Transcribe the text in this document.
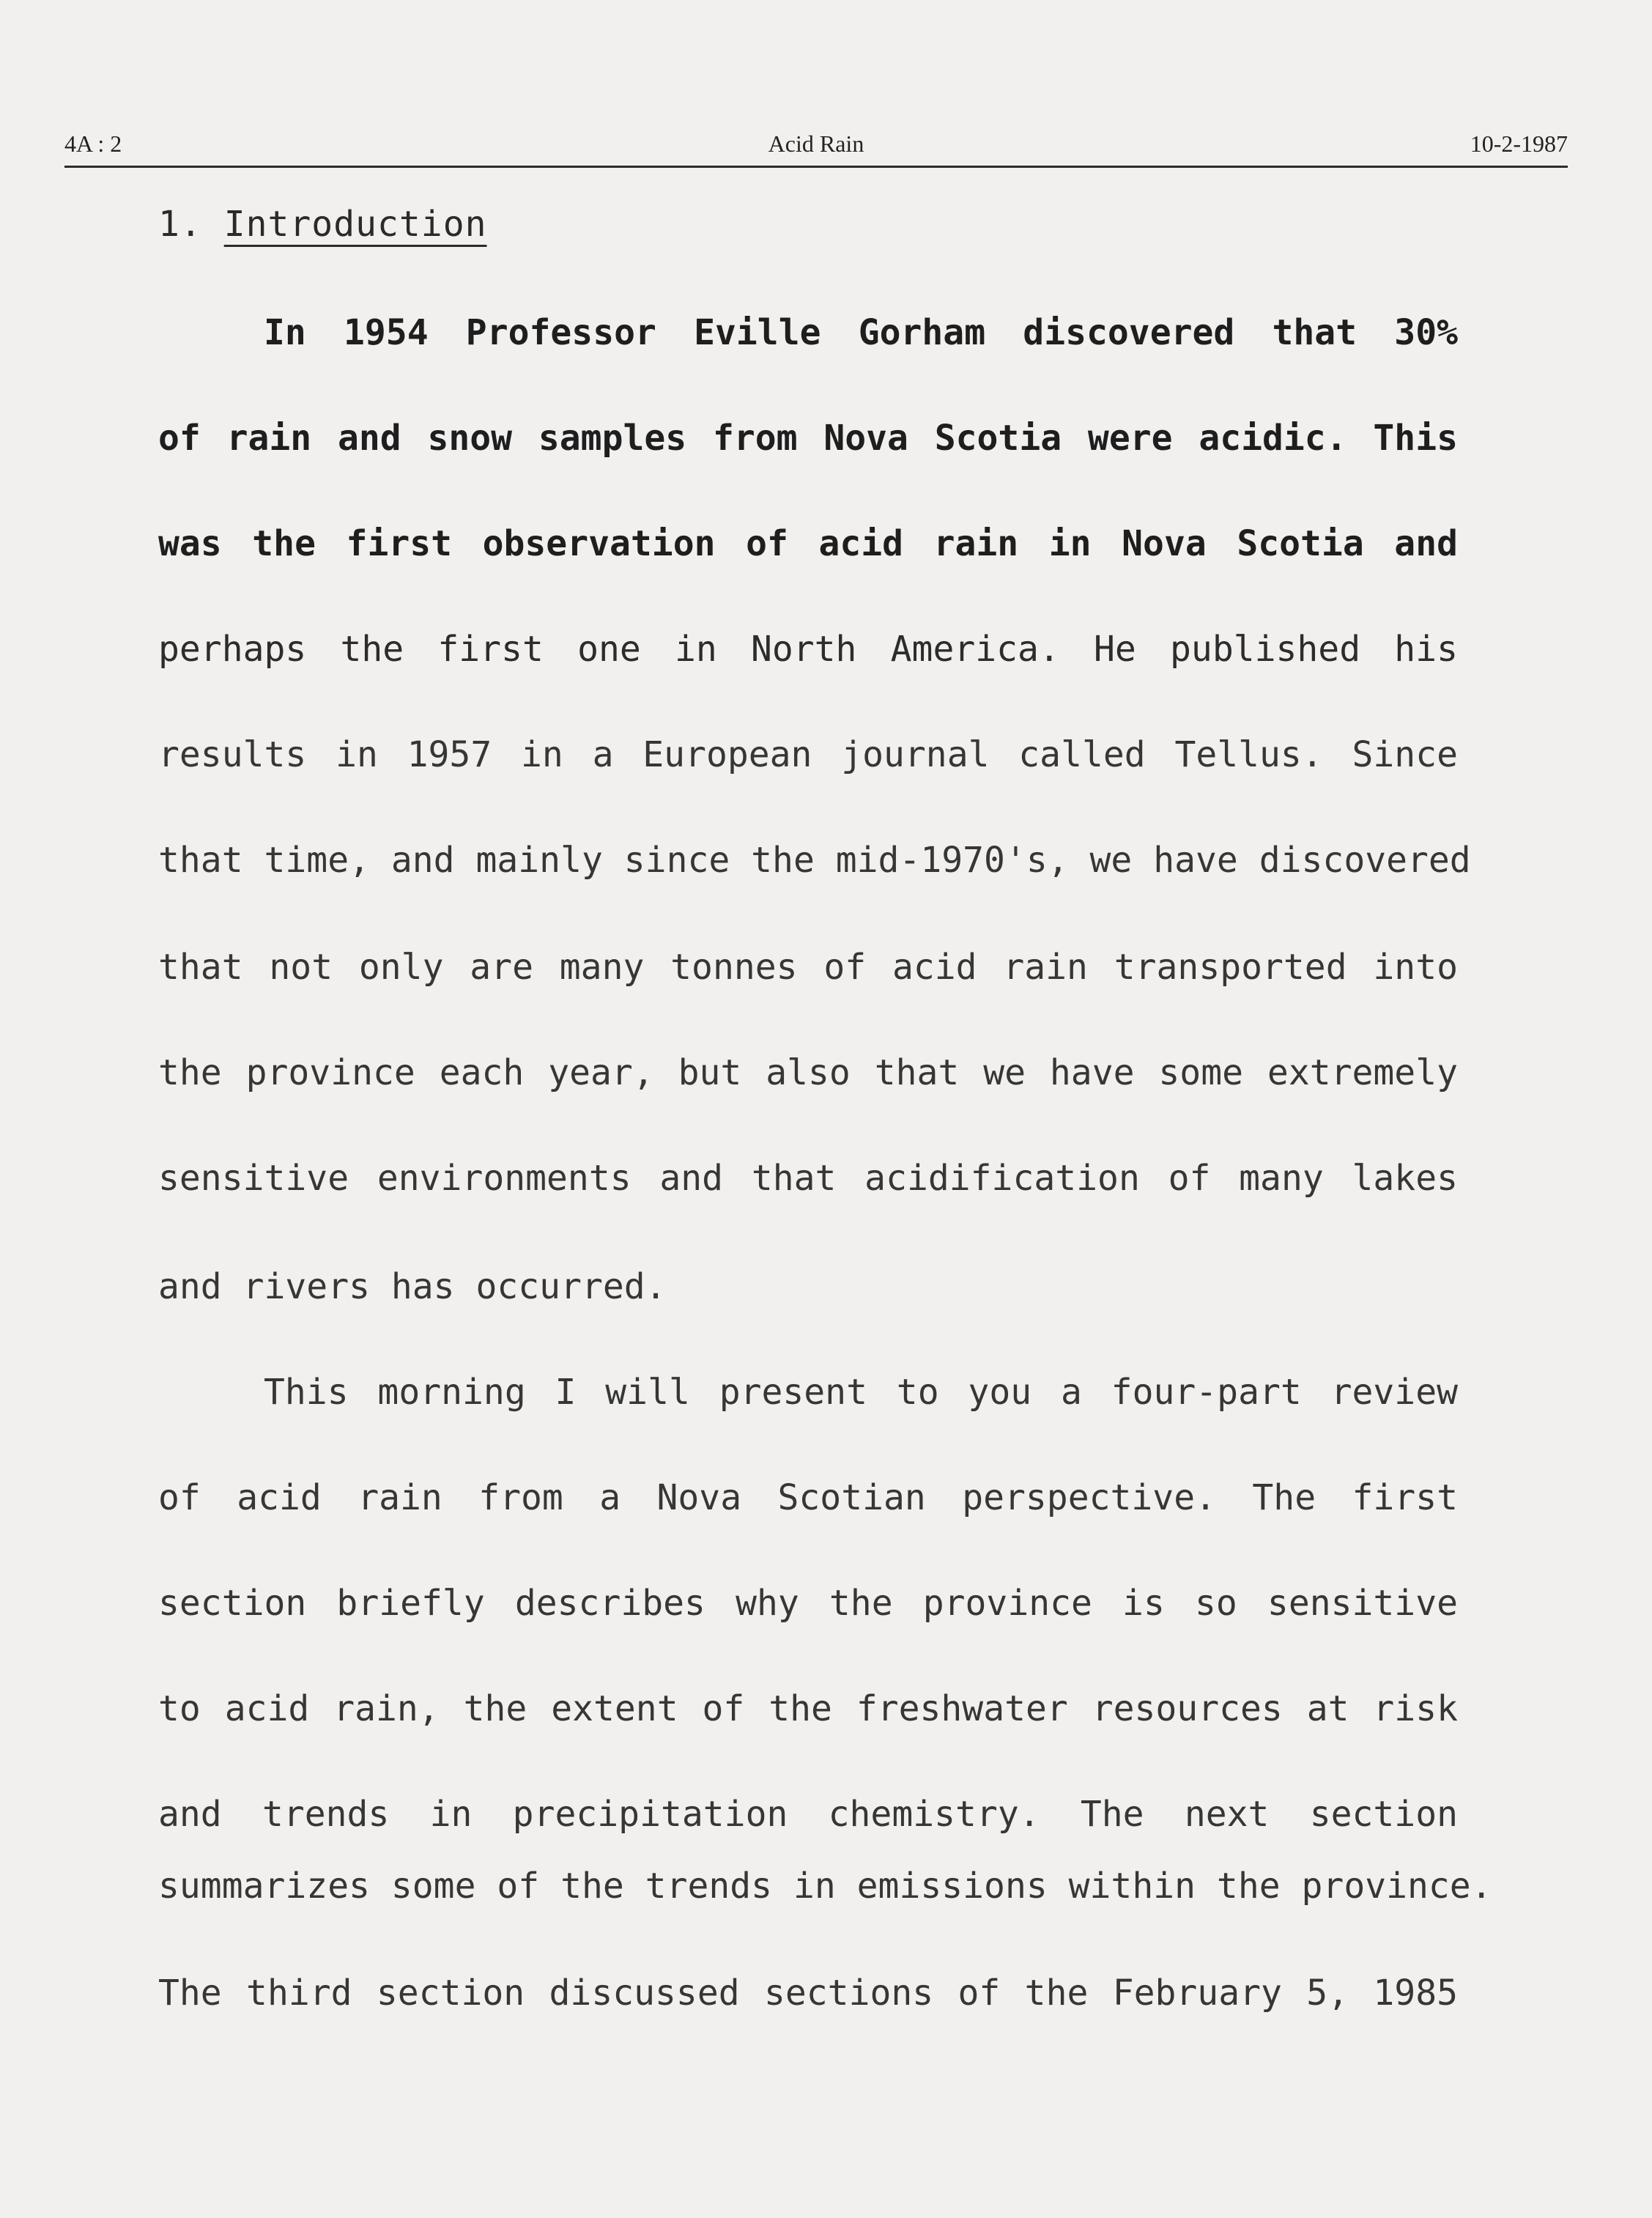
4A : 2	Acid Rain	10-2-1987
1. Introduction
In 1954 Professor Eville Gorham discovered that 30%
of rain and snow samples from Nova Scotia were acidic. This
was the first observation of acid rain in Nova Scotia and
perhaps the first one in North America. He published his
results in 1957 in a European journal called Tellus. Since
that time, and mainly since the mid-1970's, we have discovered
that not only are many tonnes of acid rain transported into
the province each year, but also that we have some extremely
sensitive environments and that acidification of many lakes
and rivers has occurred.
This morning I will present to you a four-part review
of acid rain from a Nova Scotian perspective. The first
section briefly describes why the province is so sensitive
to acid rain, the extent of the freshwater resources at risk
and trends in precipitation chemistry. The next section
summarizes some of the trends in emissions within the province.
The third section discussed sections of the February 5, 1985
